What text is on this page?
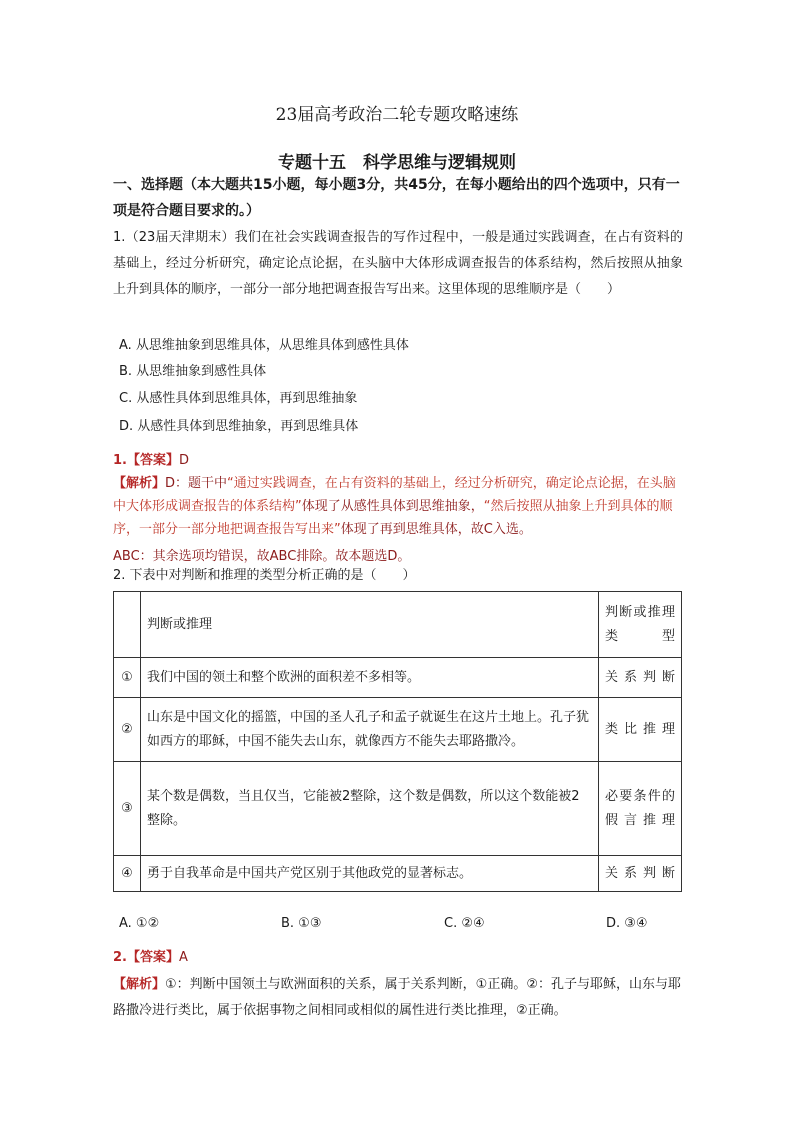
23届高考政治二轮专题攻略速练
专题十五　科学思维与逻辑规则
一、选择题（本大题共15小题，每小题3分，共45分，在每小题给出的四个选项中，只有一项是符合题目要求的。）
1.（23届天津期末）我们在社会实践调查报告的写作过程中，一般是通过实践调查，在占有资料的基础上，经过分析研究，确定论点论据，在头脑中大体形成调查报告的体系结构，然后按照从抽象上升到具体的顺序，一部分一部分地把调查报告写出来。这里体现的思维顺序是（　　）
A. 从思维抽象到思维具体，从思维具体到感性具体
B. 从思维抽象到感性具体
C. 从感性具体到思维具体，再到思维抽象
D. 从感性具体到思维抽象，再到思维具体
1.【答案】D
【解析】D：题干中“通过实践调查，在占有资料的基础上，经过分析研究，确定论点论据，在头脑中大体形成调查报告的体系结构”体现了从感性具体到思维抽象，“然后按照从抽象上升到具体的顺序，一部分一部分地把调查报告写出来”体现了再到思维具体，故C入选。
ABC：其余选项均错误，故ABC排除。故本题选D。
2. 下表中对判断和推理的类型分析正确的是（　　）
	判断或推理	判断或推理类型
①	我们中国的领土和整个欧洲的面积差不多相等。	关系判断
②	山东是中国文化的摇篮，中国的圣人孔子和孟子就诞生在这片土地上。孔子犹如西方的耶稣，中国不能失去山东，就像西方不能失去耶路撒冷。	类比推理
③	某个数是偶数，当且仅当，它能被2整除，这个数是偶数，所以这个数能被2整除。	必要条件的假言推理
④	勇于自我革命是中国共产党区别于其他政党的显著标志。	关系判断
A. ①②	B. ①③	C. ②④	D. ③④
2.【答案】A
【解析】①：判断中国领土与欧洲面积的关系，属于关系判断，①正确。②：孔子与耶稣，山东与耶路撒冷进行类比，属于依据事物之间相同或相似的属性进行类比推理，②正确。
